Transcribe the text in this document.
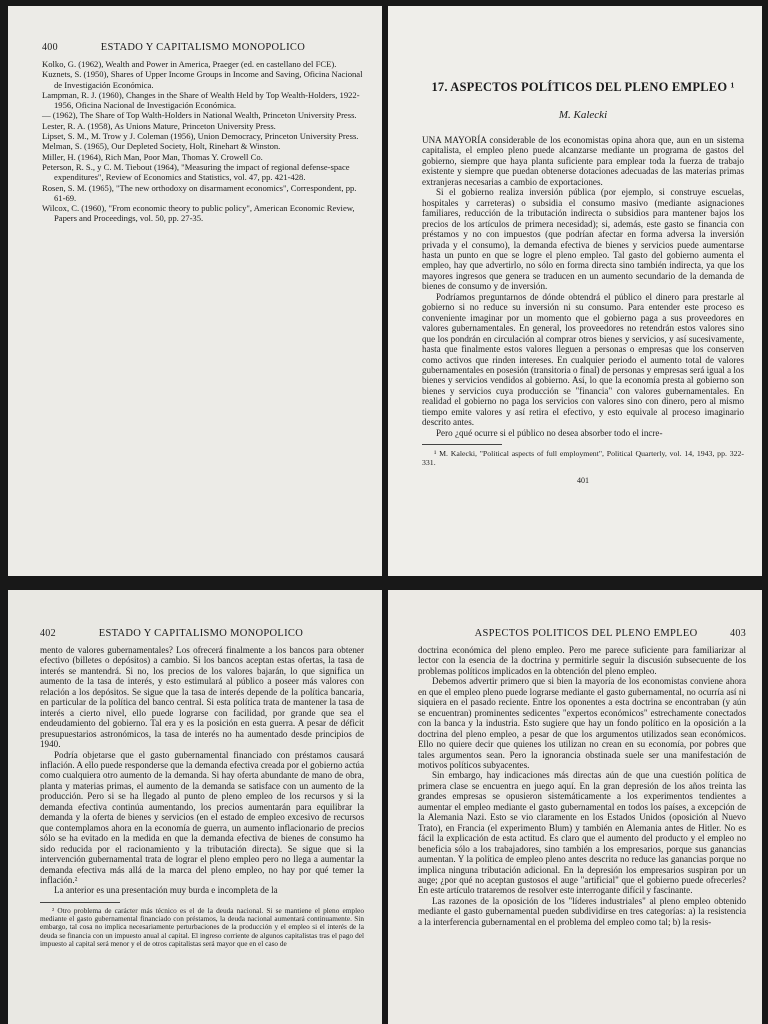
400	ESTADO Y CAPITALISMO MONOPOLICO

Kolko, G. (1962), Wealth and Power in America, Praeger (ed. en castellano del FCE).

Kuznets, S. (1950), Shares of Upper Income Groups in Income and Saving, Oficina Nacional de Investigación Económica.

Lampman, R. J. (1960), Changes in the Share of Wealth Held by Top Wealth-Holders, 1922-1956, Oficina Nacional de Investigación Económica.

— (1962), The Share of Top Walth-Holders in National Wealth, Princeton University Press.

Lester, R. A. (1958), As Unions Mature, Princeton University Press.

Lipset, S. M., M. Trow y J. Coleman (1956), Union Democracy, Princeton University Press.

Melman, S. (1965), Our Depleted Society, Holt, Rinehart & Winston.

Miller, H. (1964), Rich Man, Poor Man, Thomas Y. Crowell Co.

Peterson, R. S., y C. M. Tiebout (1964), "Measuring the impact of regional defense-space expenditures", Review of Economics and Statistics, vol. 47, pp. 421-428.

Rosen, S. M. (1965), "The new orthodoxy on disarmament economics", Correspondent, pp. 61-69.

Wilcox, C. (1960), "From economic theory to public policy", American Economic Review, Papers and Proceedings, vol. 50, pp. 27-35.

17. ASPECTOS POLÍTICOS DEL PLENO EMPLEO ¹

M. Kalecki

UNA MAYORÍA considerable de los economistas opina ahora que, aun en un sistema capitalista, el empleo pleno puede alcanzarse mediante un programa de gastos del gobierno, siempre que haya planta suficiente para emplear toda la fuerza de trabajo existente y siempre que puedan obtenerse dotaciones adecuadas de las materias primas extranjeras necesarias a cambio de exportaciones.

Si el gobierno realiza inversión pública (por ejemplo, si construye escuelas, hospitales y carreteras) o subsidia el consumo masivo (mediante asignaciones familiares, reducción de la tributación indirecta o subsidios para mantener bajos los precios de los artículos de primera necesidad); si, además, este gasto se financia con préstamos y no con impuestos (que podrían afectar en forma adversa la inversión privada y el consumo), la demanda efectiva de bienes y servicios puede aumentarse hasta un punto en que se logre el pleno empleo. Tal gasto del gobierno aumenta el empleo, hay que advertirlo, no sólo en forma directa sino también indirecta, ya que los mayores ingresos que genera se traducen en un aumento secundario de la demanda de bienes de consumo y de inversión.

Podríamos preguntarnos de dónde obtendrá el público el dinero para prestarle al gobierno si no reduce su inversión ni su consumo. Para entender este proceso es conveniente imaginar por un momento que el gobierno paga a sus proveedores en valores gubernamentales. En general, los proveedores no retendrán estos valores sino que los pondrán en circulación al comprar otros bienes y servicios, y así sucesivamente, hasta que finalmente estos valores lleguen a personas o empresas que los conserven como activos que rinden intereses. En cualquier periodo el aumento total de valores gubernamentales en posesión (transitoria o final) de personas y empresas será igual a los bienes y servicios vendidos al gobierno. Así, lo que la economía presta al gobierno son bienes y servicios cuya producción se "financia" con valores gubernamentales. En realidad el gobierno no paga los servicios con valores sino con dinero, pero al mismo tiempo emite valores y así retira el efectivo, y esto equivale al proceso imaginario descrito antes.

Pero ¿qué ocurre si el público no desea absorber todo el incre-

¹ M. Kalecki, "Political aspects of full employment", Political Quarterly, vol. 14, 1943, pp. 322-331.

401
402	ESTADO Y CAPITALISMO MONOPOLICO

mento de valores gubernamentales? Los ofrecerá finalmente a los bancos para obtener efectivo (billetes o depósitos) a cambio. Si los bancos aceptan estas ofertas, la tasa de interés se mantendrá. Si no, los precios de los valores bajarán, lo que significa un aumento de la tasa de interés, y esto estimulará al público a poseer más valores con relación a los depósitos. Se sigue que la tasa de interés depende de la política bancaria, en particular de la política del banco central. Si esta política trata de mantener la tasa de interés a cierto nivel, ello puede lograrse con facilidad, por grande que sea el endeudamiento del gobierno. Tal era y es la posición en esta guerra. A pesar de déficit presupuestarios astronómicos, la tasa de interés no ha aumentado desde principios de 1940.

Podría objetarse que el gasto gubernamental financiado con préstamos causará inflación. A ello puede responderse que la demanda efectiva creada por el gobierno actúa como cualquiera otro aumento de la demanda. Si hay oferta abundante de mano de obra, planta y materias primas, el aumento de la demanda se satisface con un aumento de la producción. Pero si se ha llegado al punto de pleno empleo de los recursos y si la demanda efectiva continúa aumentando, los precios aumentarán para equilibrar la demanda y la oferta de bienes y servicios (en el estado de empleo excesivo de recursos que contemplamos ahora en la economía de guerra, un aumento inflacionario de precios sólo se ha evitado en la medida en que la demanda efectiva de bienes de consumo ha sido reducida por el racionamiento y la tributación directa). Se sigue que si la intervención gubernamental trata de lograr el pleno empleo pero no llega a aumentar la demanda efectiva más allá de la marca del pleno empleo, no hay por qué temer la inflación.²

La anterior es una presentación muy burda e incompleta de la

² Otro problema de carácter más técnico es el de la deuda nacional. Si se mantiene el pleno empleo mediante el gasto gubernamental financiado con préstamos, la deuda nacional aumentará continuamente. Sin embargo, tal cosa no implica necesariamente perturbaciones de la producción y el empleo si el interés de la deuda se financia con un impuesto anual al capital. El ingreso corriente de algunos capitalistas tras el pago del impuesto al capital será menor y el de otros capitalistas será mayor que en el caso de

ASPECTOS POLITICOS DEL PLENO EMPLEO	403

doctrina económica del pleno empleo. Pero me parece suficiente para familiarizar al lector con la esencia de la doctrina y permitirle seguir la discusión subsecuente de los problemas políticos implicados en la obtención del pleno empleo.

Debemos advertir primero que si bien la mayoría de los economistas conviene ahora en que el empleo pleno puede lograrse mediante el gasto gubernamental, no ocurría así ni siquiera en el pasado reciente. Entre los oponentes a esta doctrina se encontraban (y aún se encuentran) prominentes sedicentes "expertos económicos" estrechamente conectados con la banca y la industria. Esto sugiere que hay un fondo político en la oposición a la doctrina del pleno empleo, a pesar de que los argumentos utilizados sean económicos. Ello no quiere decir que quienes los utilizan no crean en su economía, por pobres que tales argumentos sean. Pero la ignorancia obstinada suele ser una manifestación de motivos políticos subyacentes.

Sin embargo, hay indicaciones más directas aún de que una cuestión política de primera clase se encuentra en juego aquí. En la gran depresión de los años treinta las grandes empresas se opusieron sistemáticamente a los experimentos tendientes a aumentar el empleo mediante el gasto gubernamental en todos los países, a excepción de la Alemania Nazi. Esto se vio claramente en los Estados Unidos (oposición al Nuevo Trato), en Francia (el experimento Blum) y también en Alemania antes de Hitler. No es fácil la explicación de esta actitud. Es claro que el aumento del producto y el empleo no beneficia sólo a los trabajadores, sino también a los empresarios, porque sus ganancias aumentan. Y la política de empleo pleno antes descrita no reduce las ganancias porque no implica ninguna tributación adicional. En la depresión los empresarios suspiran por un auge; ¿por qué no aceptan gustosos el auge "artificial" que el gobierno puede ofrecerles? En este artículo trataremos de resolver este interrogante difícil y fascinante.

Las razones de la oposición de los "líderes industriales" al pleno empleo obtenido mediante el gasto gubernamental pueden subdividirse en tres categorías: a) la resistencia a la interferencia gubernamental en el problema del empleo como tal; b) la resis-
